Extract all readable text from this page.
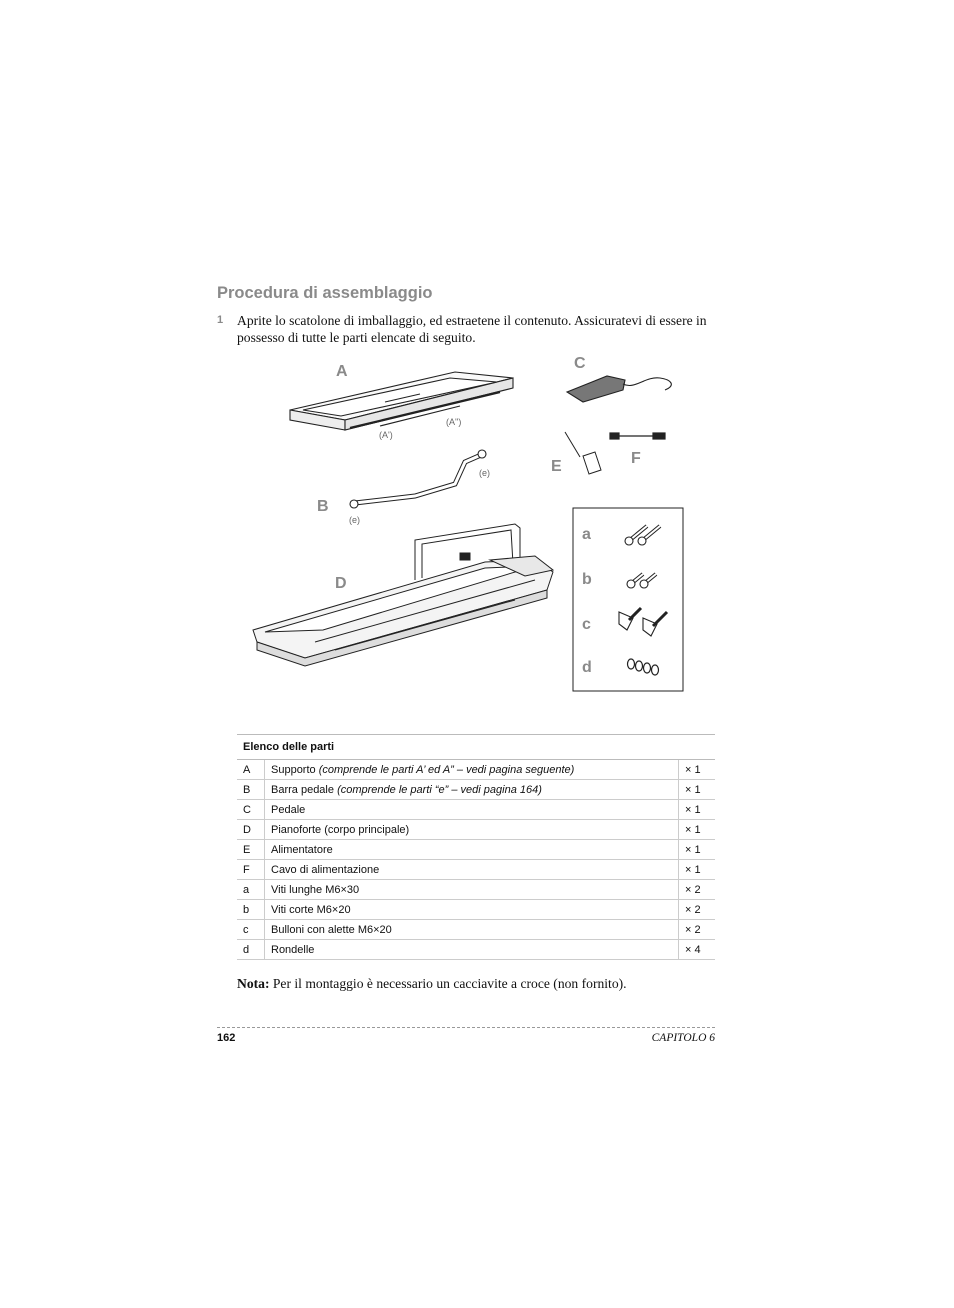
Procedura di assemblaggio
1 Aprite lo scatolone di imballaggio, ed estraetene il contenuto. Assicuratevi di essere in possesso di tutte le parti elencate di seguito.
A
(A')
(A'')
B
(e)
(e)
C
E	F
D
a
b
c
d
Elenco delle parti		
A	Supporto (comprende le parti A’ ed A” – vedi pagina seguente)	× 1
B	Barra pedale (comprende le parti “e” – vedi pagina 164)	× 1
C	Pedale	× 1
D	Pianoforte (corpo principale)	× 1
E	Alimentatore	× 1
F	Cavo di alimentazione	× 1
a	Viti lunghe M6×30	× 2
b	Viti corte M6×20	× 2
c	Bulloni con alette M6×20	× 2
d	Rondelle	× 4
Nota: Per il montaggio è necessario un cacciavite a croce (non fornito).
162	CAPITOLO 6
